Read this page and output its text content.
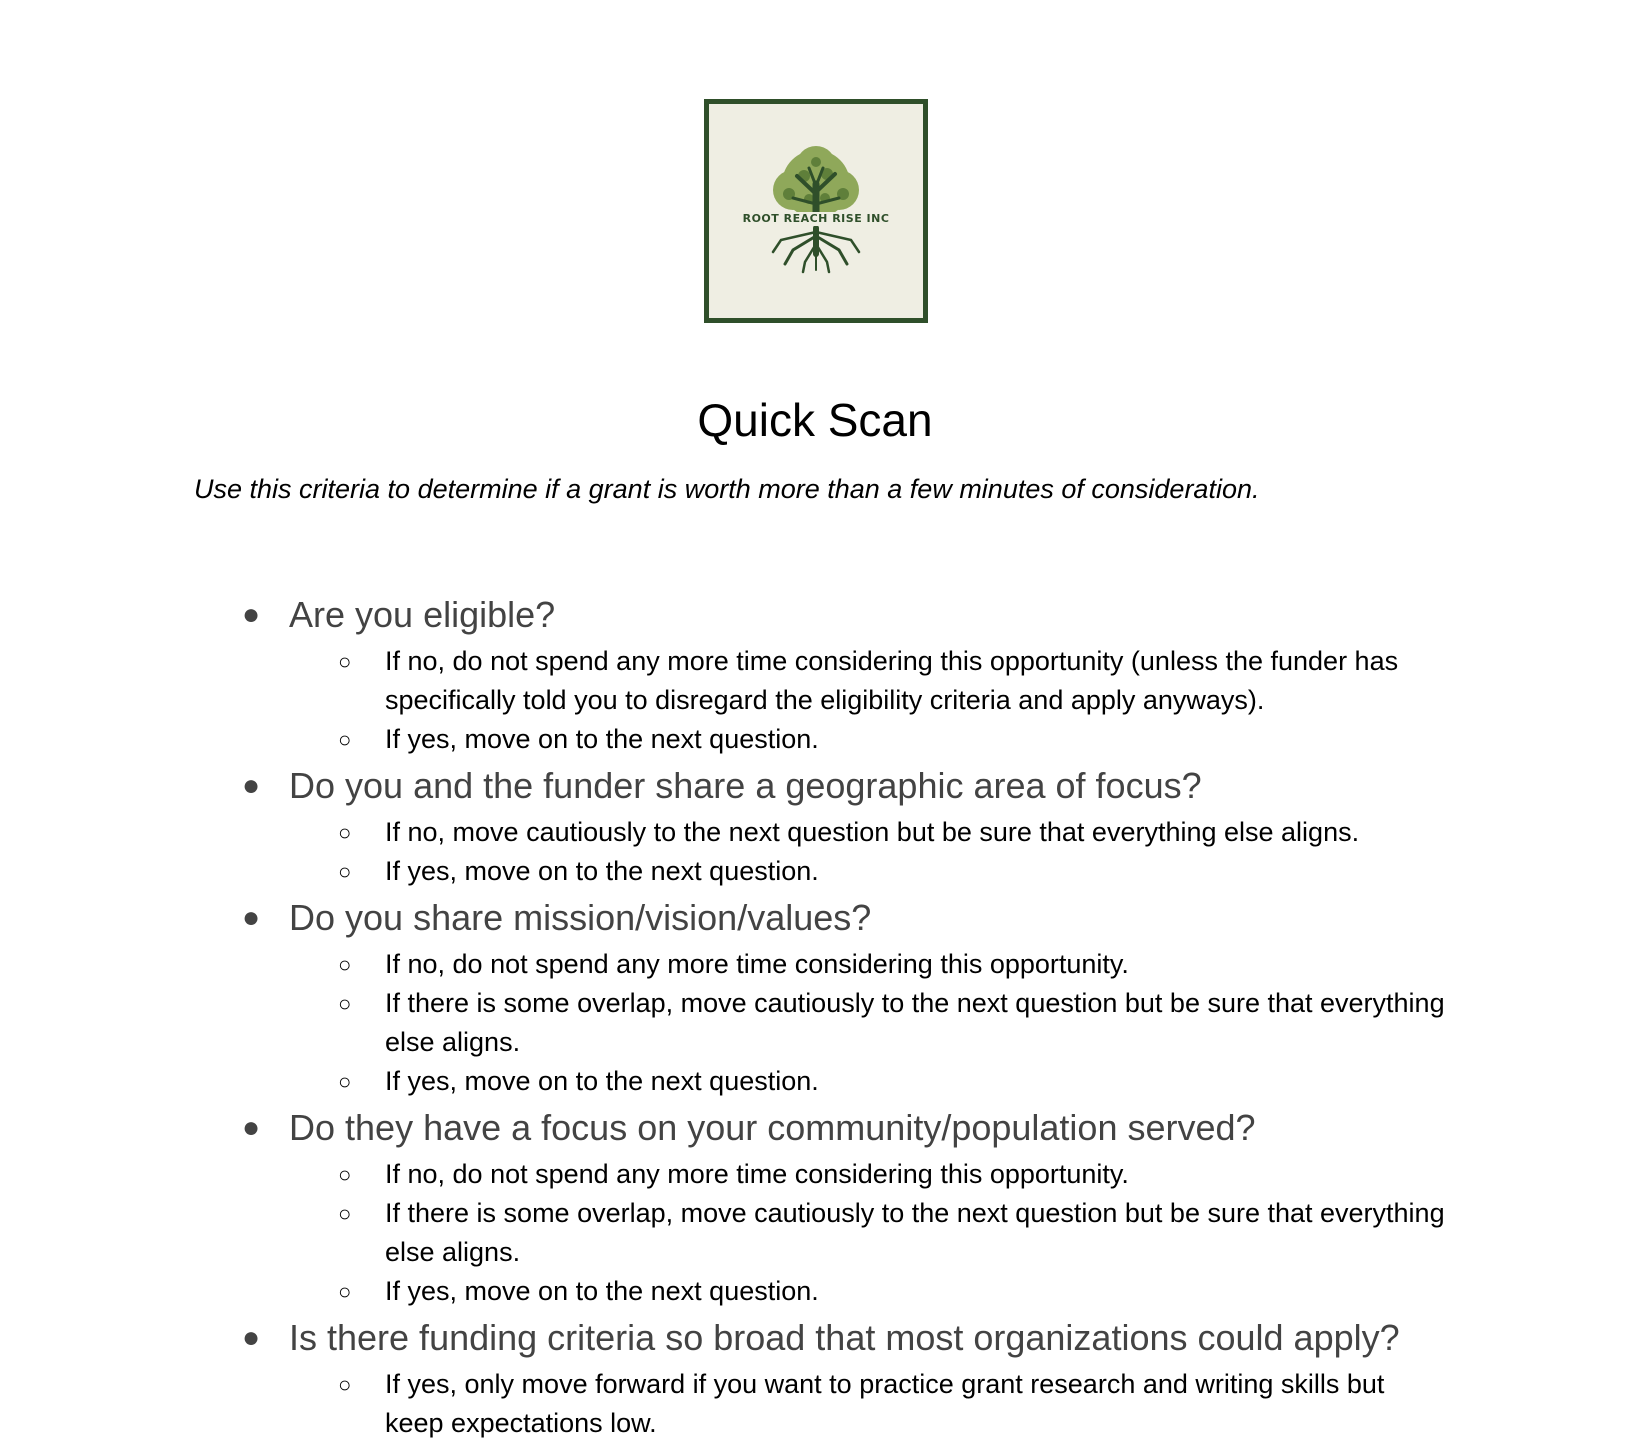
ROOT REACH RISE INC
Quick Scan

Use this criteria to determine if a grant is worth more than a few minutes of consideration.

● Are you eligible?
○ If no, do not spend any more time considering this opportunity (unless the funder has specifically told you to disregard the eligibility criteria and apply anyways).
○ If yes, move on to the next question.
● Do you and the funder share a geographic area of focus?
○ If no, move cautiously to the next question but be sure that everything else aligns.
○ If yes, move on to the next question.
● Do you share mission/vision/values?
○ If no, do not spend any more time considering this opportunity.
○ If there is some overlap, move cautiously to the next question but be sure that everything else aligns.
○ If yes, move on to the next question.
● Do they have a focus on your community/population served?
○ If no, do not spend any more time considering this opportunity.
○ If there is some overlap, move cautiously to the next question but be sure that everything else aligns.
○ If yes, move on to the next question.
● Is there funding criteria so broad that most organizations could apply?
○ If yes, only move forward if you want to practice grant research and writing skills but keep expectations low.
